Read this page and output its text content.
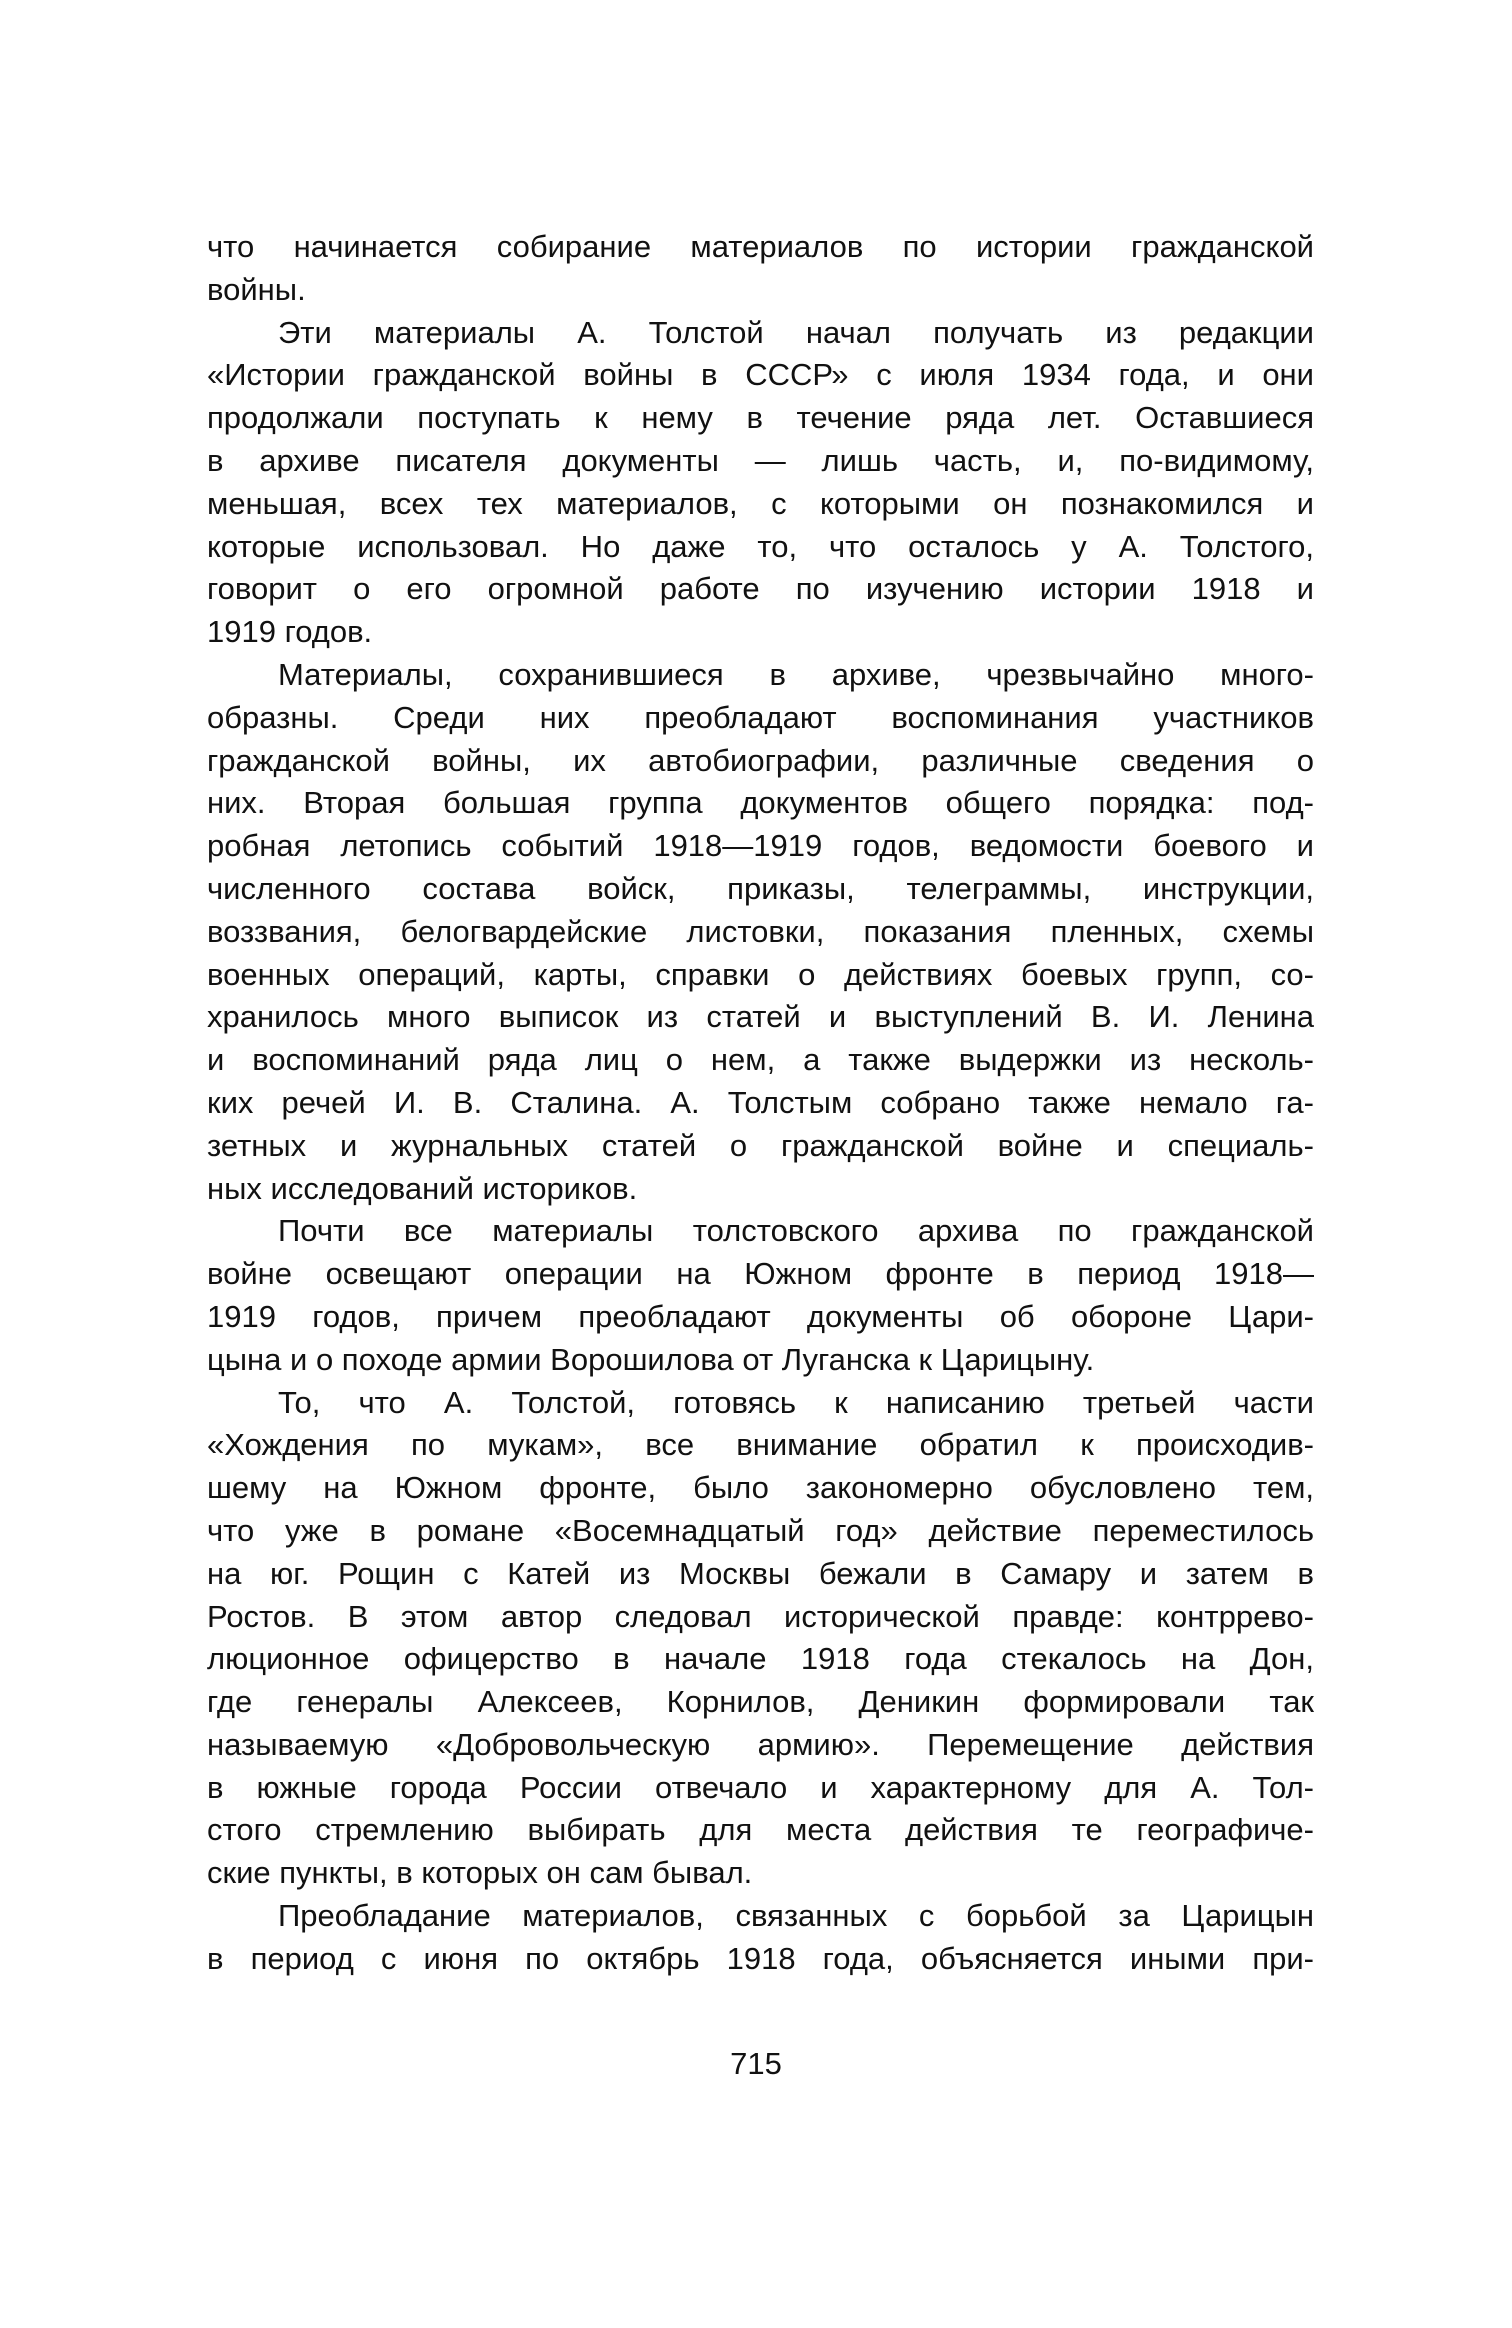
что начинается собирание материалов по истории гражданской
войны.
Эти материалы А. Толстой начал получать из редакции
«Истории гражданской войны в СССР» с июля 1934 года, и они
продолжали поступать к нему в течение ряда лет. Оставшиеся
в архиве писателя документы — лишь часть, и, по-видимому,
меньшая, всех тех материалов, с которыми он познакомился и
которые использовал. Но даже то, что осталось у А. Толстого,
говорит о его огромной работе по изучению истории 1918 и
1919 годов.
Материалы, сохранившиеся в архиве, чрезвычайно много-
образны. Среди них преобладают воспоминания участников
гражданской войны, их автобиографии, различные сведения о
них. Вторая большая группа документов общего порядка: под-
робная летопись событий 1918—1919 годов, ведомости боевого и
численного состава войск, приказы, телеграммы, инструкции,
воззвания, белогвардейские листовки, показания пленных, схемы
военных операций, карты, справки о действиях боевых групп, со-
хранилось много выписок из статей и выступлений В. И. Ленина
и воспоминаний ряда лиц о нем, а также выдержки из несколь-
ких речей И. В. Сталина. А. Толстым собрано также немало га-
зетных и журнальных статей о гражданской войне и специаль-
ных исследований историков.
Почти все материалы толстовского архива по гражданской
войне освещают операции на Южном фронте в период 1918—
1919 годов, причем преобладают документы об обороне Цари-
цына и о походе армии Ворошилова от Луганска к Царицыну.
То, что А. Толстой, готовясь к написанию третьей части
«Хождения по мукам», все внимание обратил к происходив-
шему на Южном фронте, было закономерно обусловлено тем,
что уже в романе «Восемнадцатый год» действие переместилось
на юг. Рощин с Катей из Москвы бежали в Самару и затем в
Ростов. В этом автор следовал исторической правде: контррево-
люционное офицерство в начале 1918 года стекалось на Дон,
где генералы Алексеев, Корнилов, Деникин формировали так
называемую «Добровольческую армию». Перемещение действия
в южные города России отвечало и характерному для А. Тол-
стого стремлению выбирать для места действия те географиче-
ские пункты, в которых он сам бывал.
Преобладание материалов, связанных с борьбой за Царицын
в период с июня по октябрь 1918 года, объясняется иными при-
715
